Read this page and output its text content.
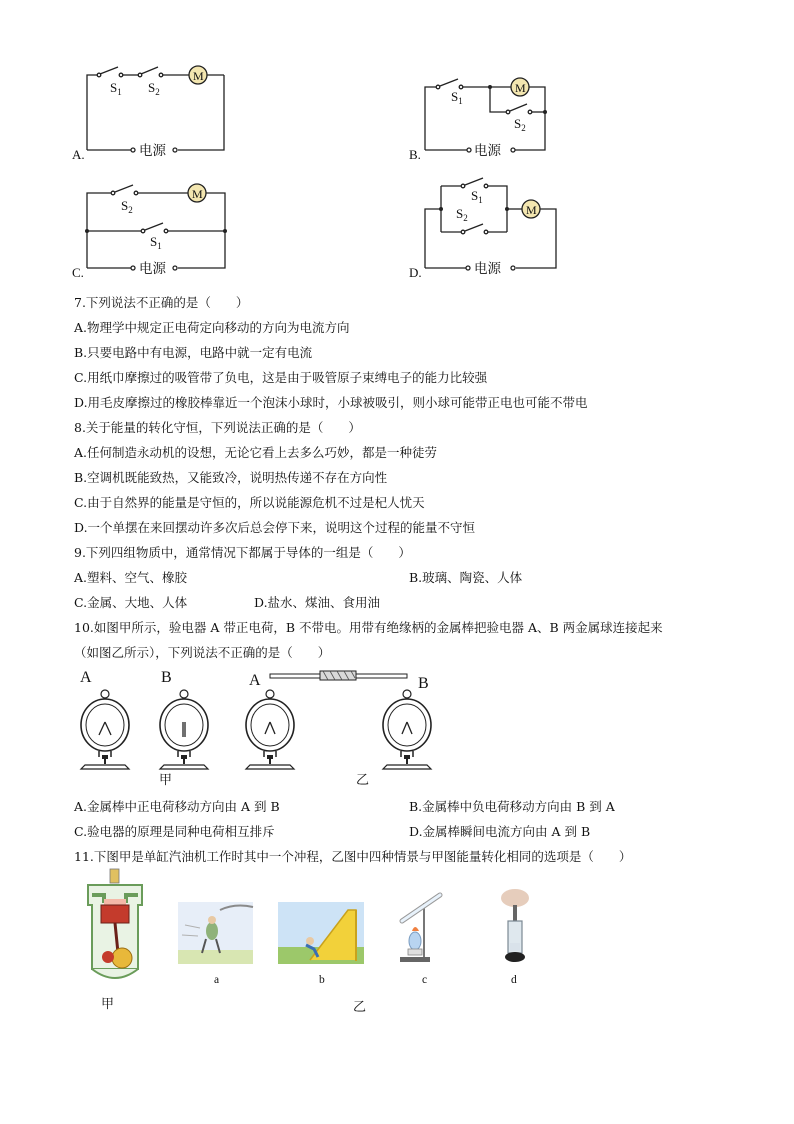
A.
$S_1$ $S_2$
M
电源	B.
$S_1$
$S_2$
M
电源
C.
$S_2$
$S_1$
M
电源	D.
$S_1$
$S_2$
M
电源
7.下列说法不正确的是（　　）
A.物理学中规定正电荷定向移动的方向为电流方向
B.只要电路中有电源，电路中就一定有电流
C.用纸巾摩擦过的吸管带了负电，这是由于吸管原子束缚电子的能力比较强
D.用毛皮摩擦过的橡胶棒靠近一个泡沫小球时，小球被吸引，则小球可能带正电也可能不带电
8.关于能量的转化守恒，下列说法正确的是（　　）
A.任何制造永动机的设想，无论它看上去多么巧妙，都是一种徒劳
B.空调机既能致热，又能致冷，说明热传递不存在方向性
C.由于自然界的能量是守恒的，所以说能源危机不过是杞人忧天
D.一个单摆在来回摆动许多次后总会停下来，说明这个过程的能量不守恒
9.下列四组物质中，通常情况下都属于导体的一组是（　　）
A.塑料、空气、橡胶	B.玻璃、陶瓷、人体
C.金属、大地、人体	D.盐水、煤油、食用油
10.如图甲所示，验电器 A 带正电荷，B 不带电。用带有绝缘柄的金属棒把验电器 A、B 两金属球连接起来
（如图乙所示），下列说法不正确的是（　　）
A	B	A	B
甲	乙
A.金属棒中正电荷移动方向由 A 到 B	B.金属棒中负电荷移动方向由 B 到 A
C.验电器的原理是同种电荷相互排斥	D.金属棒瞬间电流方向由 A 到 B
11.下图甲是单缸汽油机工作时其中一个冲程，乙图中四种情景与甲图能量转化相同的选项是（　　）
a	b	c	d
甲	乙
